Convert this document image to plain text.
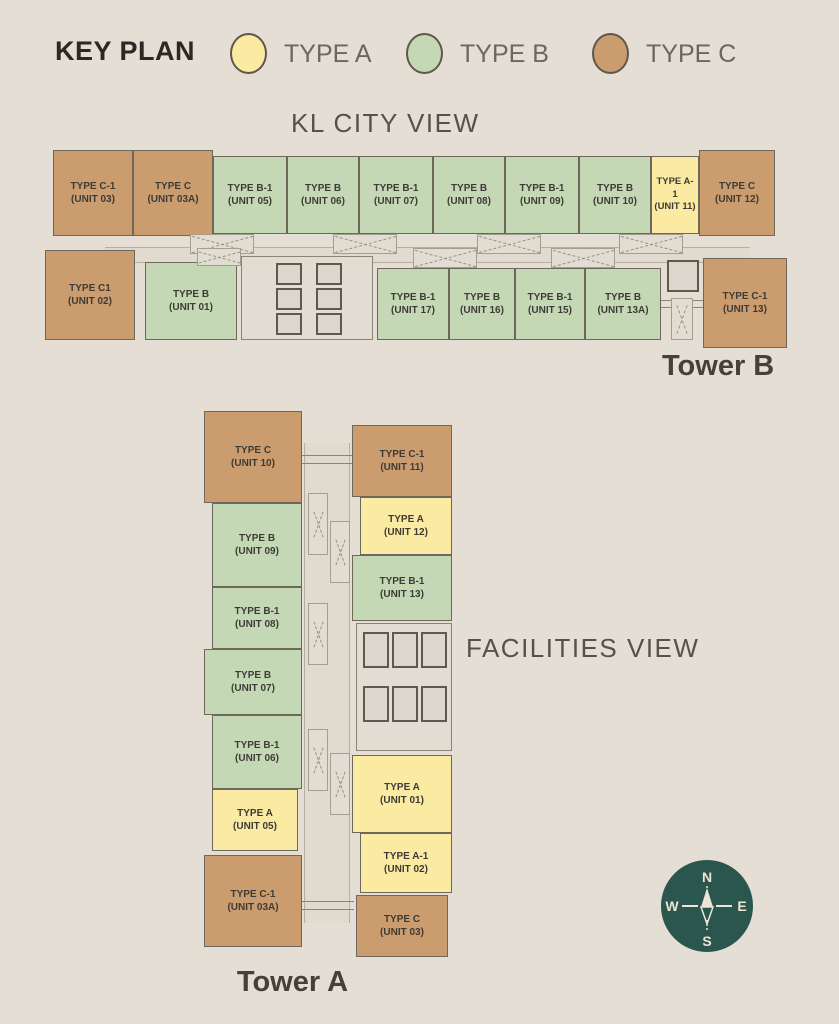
KEY PLAN	TYPE A	TYPE B	TYPE C
KL CITY VIEW
FACILITIES VIEW
TYPE C-1
(UNIT 03)
TYPE C
(UNIT 03A)
TYPE B-1
(UNIT 05)
TYPE B
(UNIT 06)
TYPE B-1
(UNIT 07)
TYPE B
(UNIT 08)
TYPE B-1
(UNIT 09)
TYPE B
(UNIT 10)
TYPE A-1
(UNIT 11)
TYPE C
(UNIT 12)
TYPE C1
(UNIT 02)
TYPE B
(UNIT 01)
TYPE B-1
(UNIT 17)
TYPE B
(UNIT 16)
TYPE B-1
(UNIT 15)
TYPE B
(UNIT 13A)
TYPE C-1
(UNIT 13)
Tower B
TYPE C
(UNIT 10)
TYPE B
(UNIT 09)
TYPE B-1
(UNIT 08)
TYPE B
(UNIT 07)
TYPE B-1
(UNIT 06)
TYPE A
(UNIT 05)
TYPE C-1
(UNIT 03A)
TYPE C-1
(UNIT 11)
TYPE A
(UNIT 12)
TYPE B-1
(UNIT 13)
TYPE A
(UNIT 01)
TYPE A-1
(UNIT 02)
TYPE C
(UNIT 03)
Tower A
N
S
W	E
